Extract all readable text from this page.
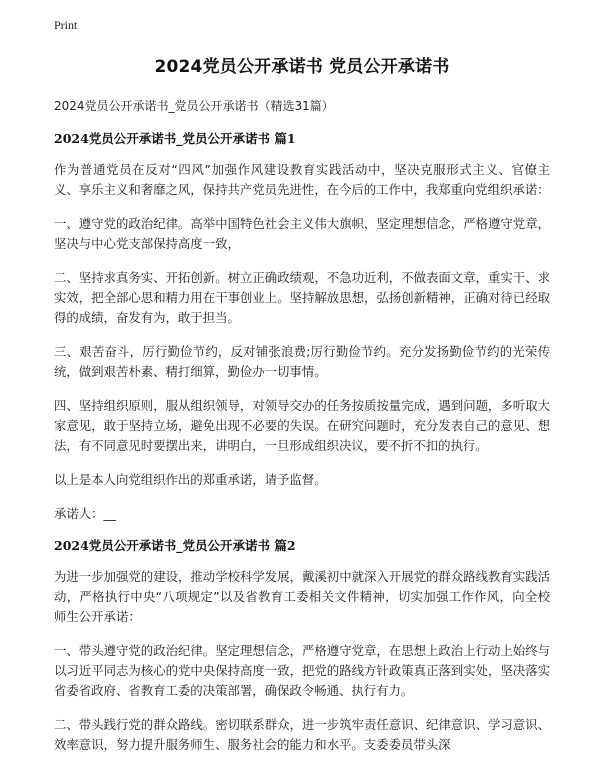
Print
2024党员公开承诺书 党员公开承诺书

2024党员公开承诺书_党员公开承诺书（精选31篇）

2024党员公开承诺书_党员公开承诺书 篇1

作为普通党员在反对“四风”加强作风建设教育实践活动中，坚决克服形式主义、官僚主义、享乐主义和奢靡之风，保持共产党员先进性，在今后的工作中，我郑重向党组织承诺：

一、遵守党的政治纪律。高举中国特色社会主义伟大旗帜，坚定理想信念，严格遵守党章，坚决与中心党支部保持高度一致，

二、坚持求真务实、开拓创新。树立正确政绩观，不急功近利，不做表面文章，重实干、求实效，把全部心思和精力用在干事创业上。坚持解放思想，弘扬创新精神，正确对待已经取得的成绩，奋发有为，敢于担当。

三、艰苦奋斗，厉行勤俭节约，反对铺张浪费;厉行勤俭节约。充分发扬勤俭节约的光荣传统，做到艰苦朴素、精打细算，勤俭办一切事情。

四、坚持组织原则，服从组织领导，对领导交办的任务按质按量完成，遇到问题，多听取大家意见，敢于坚持立场，避免出现不必要的失误。在研究问题时，充分发表自己的意见、想法，有不同意见时要摆出来，讲明白，一旦形成组织决议，要不折不扣的执行。

以上是本人向党组织作出的郑重承诺，请予监督。

承诺人：__

2024党员公开承诺书_党员公开承诺书 篇2

为进一步加强党的建设，推动学校科学发展，戴溪初中就深入开展党的群众路线教育实践活动，严格执行中央“八项规定”以及省教育工委相关文件精神，切实加强工作作风，向全校师生公开承诺：

一、带头遵守党的政治纪律。坚定理想信念，严格遵守党章，在思想上政治上行动上始终与以习近平同志为核心的党中央保持高度一致，把党的路线方针政策真正落到实处，坚决落实省委省政府、省教育工委的决策部署，确保政令畅通、执行有力。

二、带头践行党的群众路线。密切联系群众，进一步筑牢责任意识、纪律意识、学习意识、效率意识，努力提升服务师生、服务社会的能力和水平。支委委员带头深
